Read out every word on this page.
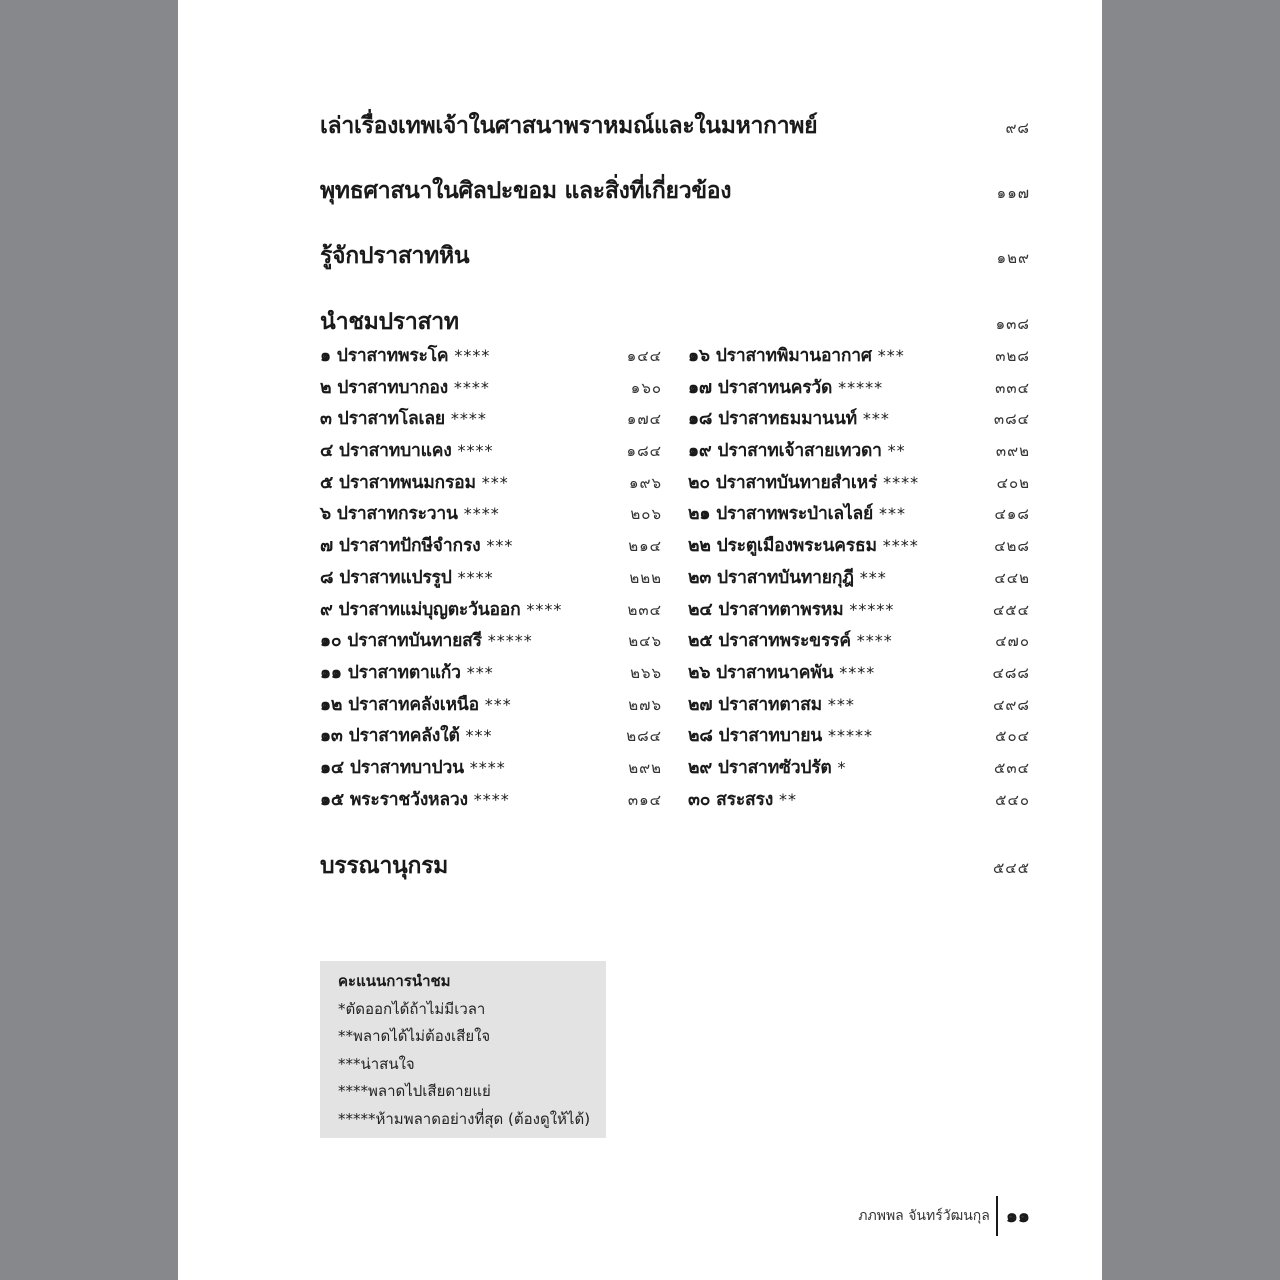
เล่าเรื่องเทพเจ้าในศาสนาพราหมณ์และในมหากาพย์	๙๘
พุทธศาสนาในศิลปะขอม และสิ่งที่เกี่ยวข้อง	๑๑๗
รู้จักปราสาทหิน	๑๒๙
นำชมปราสาท	๑๓๘
๑ ปราสาทพระโค ****	๑๔๔
๒ ปราสาทบากอง ****	๑๖๐
๓ ปราสาทโลเลย ****	๑๗๔
๔ ปราสาทบาแคง ****	๑๘๔
๕ ปราสาทพนมกรอม ***	๑๙๖
๖ ปราสาทกระวาน ****	๒๐๖
๗ ปราสาทปักษีจำกรง ***	๒๑๔
๘ ปราสาทแปรรูป ****	๒๒๒
๙ ปราสาทแม่บุญตะวันออก ****	๒๓๔
๑๐ ปราสาทบันทายสรี *****	๒๔๖
๑๑ ปราสาทตาแก้ว ***	๒๖๖
๑๒ ปราสาทคลังเหนือ ***	๒๗๖
๑๓ ปราสาทคลังใต้ ***	๒๘๔
๑๔ ปราสาทบาปวน ****	๒๙๒
๑๕ พระราชวังหลวง ****	๓๑๔
๑๖ ปราสาทพิมานอากาศ ***	๓๒๘
๑๗ ปราสาทนครวัด *****	๓๓๔
๑๘ ปราสาทธมมานนท์ ***	๓๘๔
๑๙ ปราสาทเจ้าสายเทวดา **	๓๙๒
๒๐ ปราสาทบันทายสำเหร่ ****	๔๐๒
๒๑ ปราสาทพระป่าเลไลย์ ***	๔๑๘
๒๒ ประตูเมืองพระนครธม ****	๔๒๘
๒๓ ปราสาทบันทายกุฎี ***	๔๔๒
๒๔ ปราสาทตาพรหม *****	๔๕๔
๒๕ ปราสาทพระขรรค์ ****	๔๗๐
๒๖ ปราสาทนาคพัน ****	๔๘๘
๒๗ ปราสาทตาสม ***	๔๙๘
๒๘ ปราสาทบายน *****	๕๐๔
๒๙ ปราสาทซัวปรัต *	๕๓๔
๓๐ สระสรง **	๕๔๐
บรรณานุกรม	๕๔๕
คะแนนการนำชม
*ตัดออกได้ถ้าไม่มีเวลา
**พลาดได้ไม่ต้องเสียใจ
***น่าสนใจ
****พลาดไปเสียดายแย่
*****ห้ามพลาดอย่างที่สุด (ต้องดูให้ได้)
ภภพพล จันทร์วัฒนกุล ๑๑
